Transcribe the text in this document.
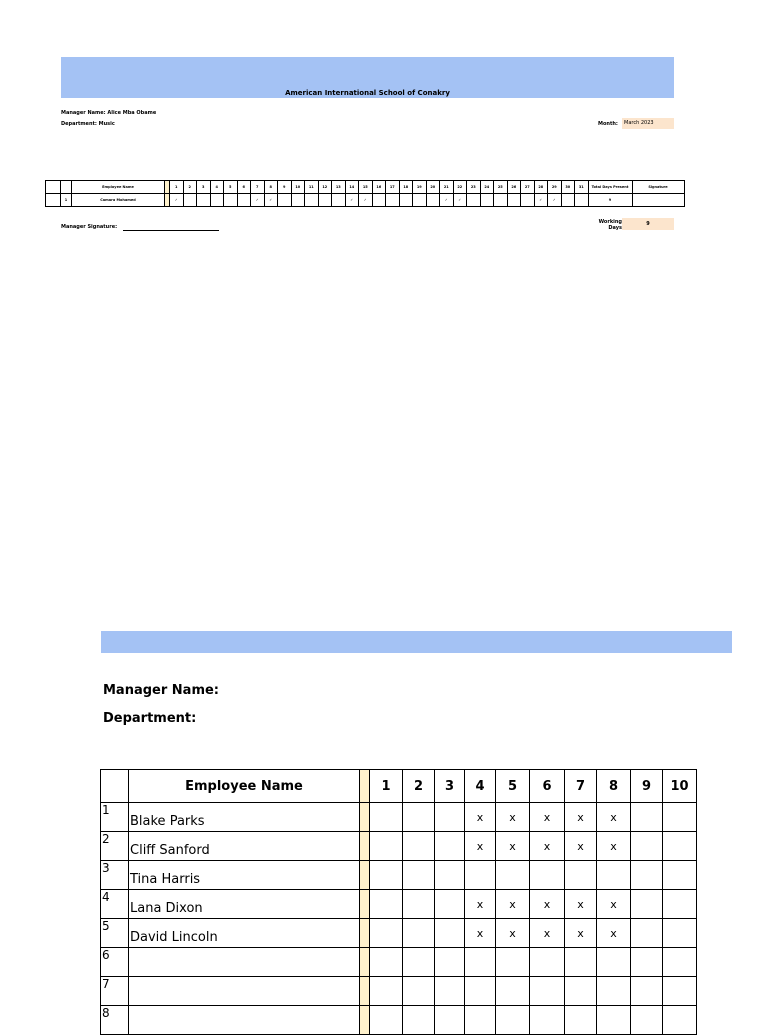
American International School of Conakry
Manager Name: Alice Mba Obame
Department: Music	Month:	March 2023
		Employee Name		1	2	3	4	5	6	7	8	9	10	11	12	13	14	15	16	17	18	19	20	21	22	23	24	25	26	27	28	29	30	31	Total Days Present	Signature
	1	Camara Mohamed		✓						✓	✓						✓	✓						✓	✓						✓	✓			9	
Manager Signature:
Working Days
9
Manager Name:
Department:
	Employee Name		1	2	3	4	5	6	7	8	9	10
1	Blake Parks					x	x	x	x	x		
2	Cliff Sanford					x	x	x	x	x		
3	Tina Harris											
4	Lana Dixon					x	x	x	x	x		
5	David Lincoln					x	x	x	x	x		
6												
7												
8												
